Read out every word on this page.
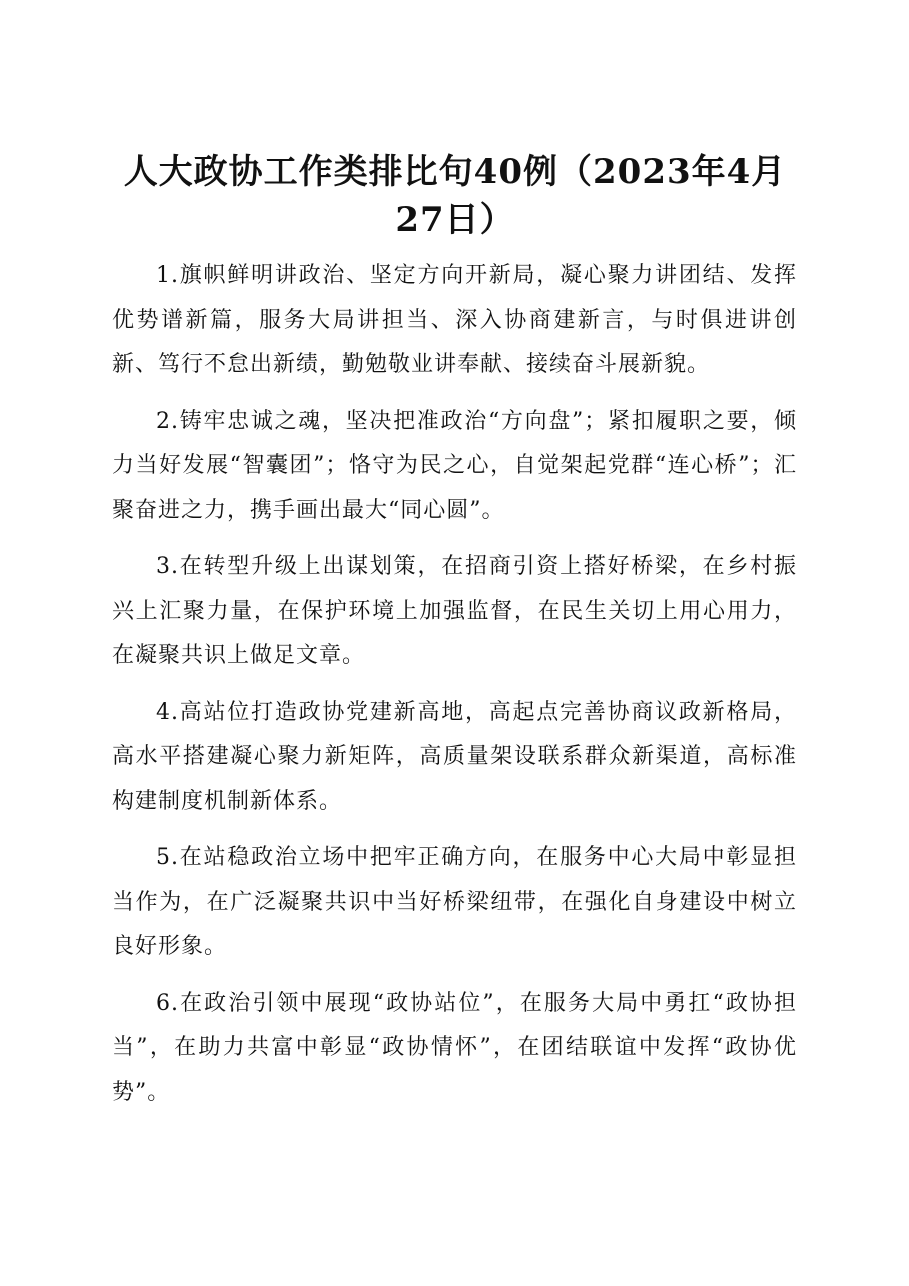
人大政协工作类排比句40例（2023年4月27日）

1.旗帜鲜明讲政治、坚定方向开新局，凝心聚力讲团结、发挥优势谱新篇，服务大局讲担当、深入协商建新言，与时俱进讲创新、笃行不怠出新绩，勤勉敬业讲奉献、接续奋斗展新貌。

2.铸牢忠诚之魂，坚决把准政治“方向盘”；紧扣履职之要，倾力当好发展“智囊团”；恪守为民之心，自觉架起党群“连心桥”；汇聚奋进之力，携手画出最大“同心圆”。

3.在转型升级上出谋划策，在招商引资上搭好桥梁，在乡村振兴上汇聚力量，在保护环境上加强监督，在民生关切上用心用力，在凝聚共识上做足文章。

4.高站位打造政协党建新高地，高起点完善协商议政新格局，高水平搭建凝心聚力新矩阵，高质量架设联系群众新渠道，高标准构建制度机制新体系。

5.在站稳政治立场中把牢正确方向，在服务中心大局中彰显担当作为，在广泛凝聚共识中当好桥梁纽带，在强化自身建设中树立良好形象。

6.在政治引领中展现“政协站位”，在服务大局中勇扛“政协担当”，在助力共富中彰显“政协情怀”，在团结联谊中发挥“政协优势”。
